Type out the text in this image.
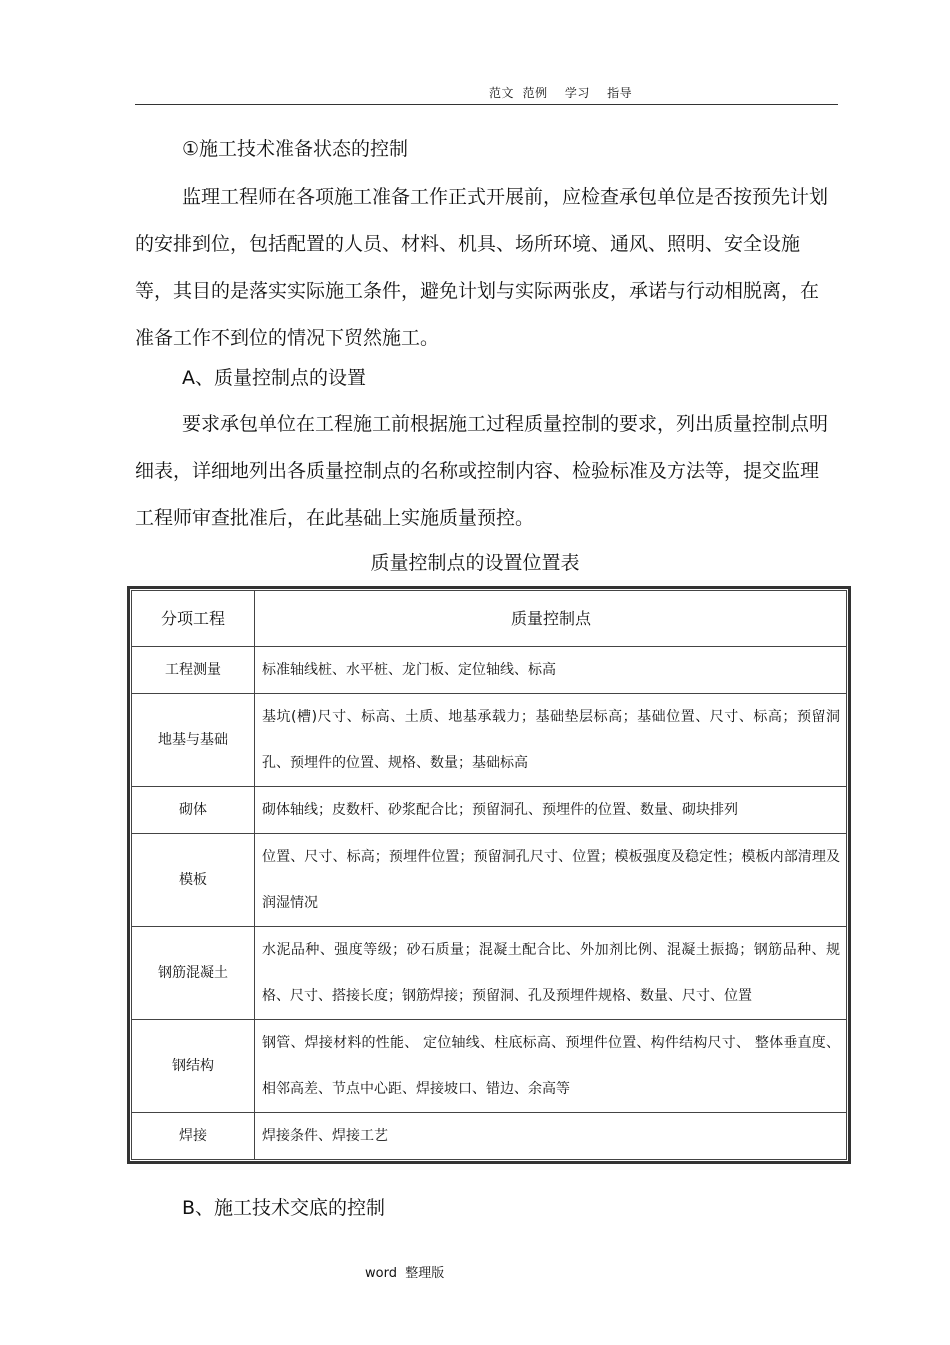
范文  范例    学习    指导

①施工技术准备状态的控制

监理工程师在各项施工准备工作正式开展前，应检查承包单位是否按预先计划的安排到位，包括配置的人员、材料、机具、场所环境、通风、照明、安全设施等，其目的是落实实际施工条件，避免计划与实际两张皮，承诺与行动相脱离，在准备工作不到位的情况下贸然施工。

A、质量控制点的设置

要求承包单位在工程施工前根据施工过程质量控制的要求，列出质量控制点明细表，详细地列出各质量控制点的名称或控制内容、检验标准及方法等，提交监理工程师审查批准后，在此基础上实施质量预控。

质量控制点的设置位置表

分项工程	质量控制点
工程测量	标准轴线桩、水平桩、龙门板、定位轴线、标高
地基与基础	基坑(槽)尺寸、标高、土质、地基承载力；基础垫层标高；基础位置、尺寸、标高；预留洞孔、预埋件的位置、规格、数量；基础标高
砌体	砌体轴线；皮数杆、砂浆配合比；预留洞孔、预埋件的位置、数量、砌块排列
模板	位置、尺寸、标高；预埋件位置；预留洞孔尺寸、位置；模板强度及稳定性；模板内部清理及润湿情况
钢筋混凝土	水泥品种、强度等级；砂石质量；混凝土配合比、外加剂比例、混凝土振捣；钢筋品种、规格、尺寸、搭接长度；钢筋焊接；预留洞、孔及预埋件规格、数量、尺寸、位置
钢结构	钢管、焊接材料的性能、 定位轴线、柱底标高、预埋件位置、构件结构尺寸、 整体垂直度、相邻高差、节点中心距、焊接坡口、错边、余高等
焊接	焊接条件、焊接工艺

B、施工技术交底的控制

word  整理版
